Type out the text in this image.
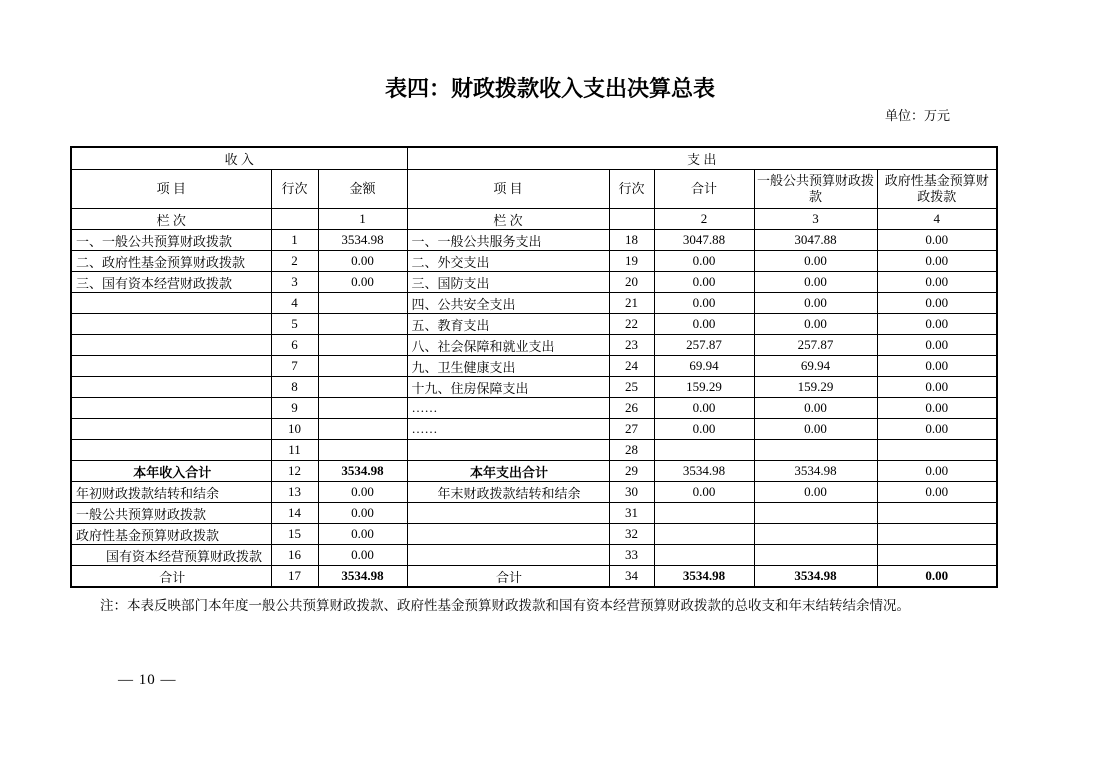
表四：财政拨款收入支出决算总表
单位：万元
收 入			支 出				
项 目	行次	金额	项 目	行次	合计	一般公共预算财政拨款	政府性基金预算财政拨款
栏 次		1	栏 次		2	3	4
一、一般公共预算财政拨款	1	3534.98	一、一般公共服务支出	18	3047.88	3047.88	0.00
二、政府性基金预算财政拨款	2	0.00	二、外交支出	19	0.00	0.00	0.00
三、国有资本经营财政拨款	3	0.00	三、国防支出	20	0.00	0.00	0.00
	4		四、公共安全支出	21	0.00	0.00	0.00
	5		五、教育支出	22	0.00	0.00	0.00
	6		八、社会保障和就业支出	23	257.87	257.87	0.00
	7		九、卫生健康支出	24	69.94	69.94	0.00
	8		十九、住房保障支出	25	159.29	159.29	0.00
	9		……	26	0.00	0.00	0.00
	10		……	27	0.00	0.00	0.00
	11			28			
本年收入合计	12	3534.98	本年支出合计	29	3534.98	3534.98	0.00
年初财政拨款结转和结余	13	0.00	年末财政拨款结转和结余	30	0.00	0.00	0.00
一般公共预算财政拨款	14	0.00		31			
政府性基金预算财政拨款	15	0.00		32			
国有资本经营预算财政拨款	16	0.00		33			
合计	17	3534.98	合计	34	3534.98	3534.98	0.00

注：本表反映部门本年度一般公共预算财政拨款、政府性基金预算财政拨款和国有资本经营预算财政拨款的总收支和年末结转结余情况。

— 10 —
